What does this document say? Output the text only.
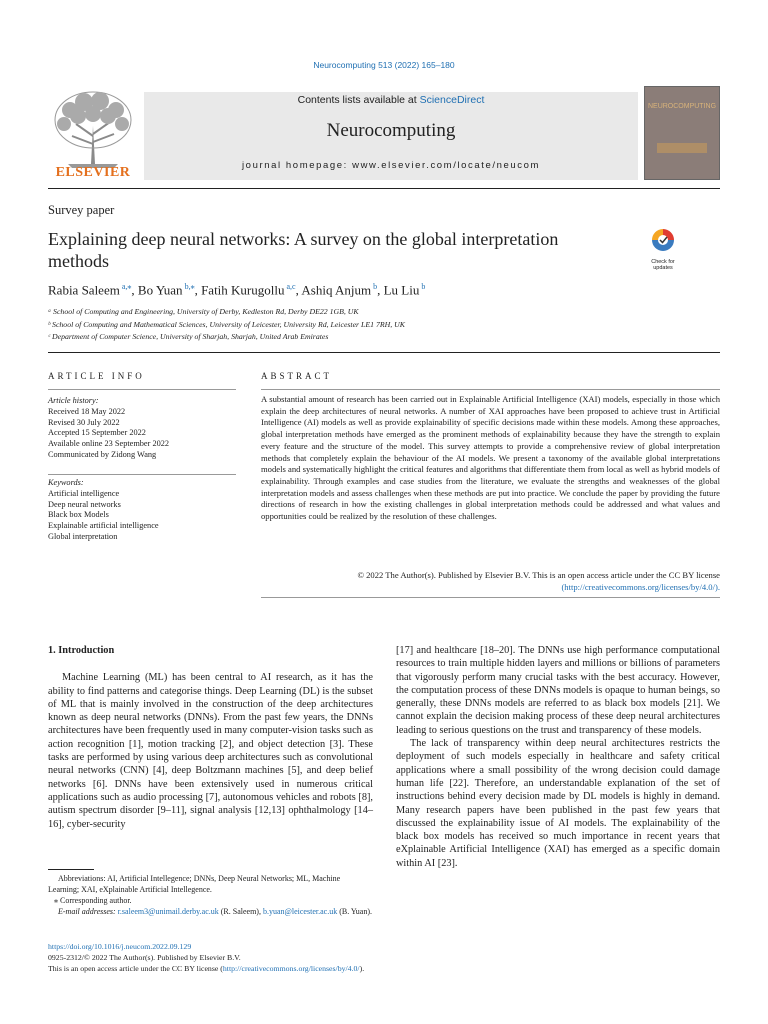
Neurocomputing 513 (2022) 165–180
ELSEVIER
Contents lists available at ScienceDirect
Neurocomputing
journal homepage: www.elsevier.com/locate/neucom
NEUROCOMPUTING
Survey paper
Explaining deep neural networks: A survey on the global interpretation methods	Check for updates
Rabia Saleem $^{a,⁎}$, Bo Yuan $^{b,⁎}$, Fatih Kurugollu $^{a,c}$, Ashiq Anjum $^b$, Lu Liu $^b$
ᵃ School of Computing and Engineering, University of Derby, Kedleston Rd, Derby DE22 1GB, UK
ᵇ School of Computing and Mathematical Sciences, University of Leicester, University Rd, Leicester LE1 7RH, UK
ᶜ Department of Computer Science, University of Sharjah, Sharjah, United Arab Emirates
ARTICLE INFO	ABSTRACT
Article history:
Received 18 May 2022
Revised 30 July 2022
Accepted 15 September 2022
Available online 23 September 2022
Communicated by Zidong Wang
Keywords:
Artificial intelligence
Deep neural networks
Black box Models
Explainable artificial intelligence
Global interpretation
A substantial amount of research has been carried out in Explainable Artificial Intelligence (XAI) models, especially in those which explain the deep architectures of neural networks. A number of XAI approaches have been proposed to achieve trust in Artificial Intelligence (AI) models as well as provide explainability of specific decisions made within these models. Among these approaches, global interpretation methods have emerged as the prominent methods of explainability because they have the strength to explain every feature and the structure of the model. This survey attempts to provide a comprehensive review of global interpretation methods that completely explain the behaviour of the AI models. We present a taxonomy of the available global interpretations models and systematically highlight the critical features and algorithms that differentiate them from local as well as hybrid models of explainability. Through examples and case studies from the literature, we evaluate the strengths and weaknesses of the global interpretation models and assess challenges when these methods are put into practice. We conclude the paper by providing the future directions of research in how the existing challenges in global interpretation methods could be addressed and what values and opportunities could be realized by the resolution of these challenges.
© 2022 The Author(s). Published by Elsevier B.V. This is an open access article under the CC BY license
(http://creativecommons.org/licenses/by/4.0/).
1. Introduction

Machine Learning (ML) has been central to AI research, as it has the ability to find patterns and categorise things. Deep Learning (DL) is the subset of ML that is mainly involved in the construction of the deep architectures known as deep neural networks (DNNs). From the past few years, the DNNs architectures have been frequently used in many computer-vision tasks such as action recognition [1], motion tracking [2], and object detection [3]. These tasks are performed by using various deep architectures such as convolutional neural networks (CNN) [4], deep Boltzmann machines [5], and deep belief networks [6]. DNNs have been extensively used in numerous critical applications such as audio processing [7], autonomous vehicles and robots [8], autism spectrum disorder [9–11], signal analysis [12,13] ophthalmology [14–16], cyber-security

[17] and healthcare [18–20]. The DNNs use high performance computational resources to train multiple hidden layers and millions or billions of parameters that vigorously perform many crucial tasks with the best accuracy. However, the computation process of these DNNs models is opaque to human beings, so generally, these DNNs models are referred to as black box models [21]. We cannot explain the decision making process of these deep neural architectures leading to serious questions on the trust and transparency of these models.

The lack of transparency within deep neural architectures restricts the deployment of such models especially in healthcare and safety critical applications where a small possibility of the wrong decision could damage human life [22]. Therefore, an understandable explanation of the set of instructions behind every decision made by DL models is highly in demand. Many research papers have been published in the past few years that discussed the explainability issue of AI models. The explainability of the black box models has received so much importance in recent years that eXplainable Artificial Intelligence (XAI) has emerged as a specific domain within AI [23].

Abbreviations: AI, Artificial Intellegence; DNNs, Deep Neural Networks; ML, Machine Learning; XAI, eXplainable Artificial Intellegence.
⁎ Corresponding author.
E-mail addresses: r.saleem3@unimail.derby.ac.uk (R. Saleem), b.yuan@leicester.ac.uk (B. Yuan).
https://doi.org/10.1016/j.neucom.2022.09.129
0925-2312/© 2022 The Author(s). Published by Elsevier B.V.
This is an open access article under the CC BY license (http://creativecommons.org/licenses/by/4.0/).
